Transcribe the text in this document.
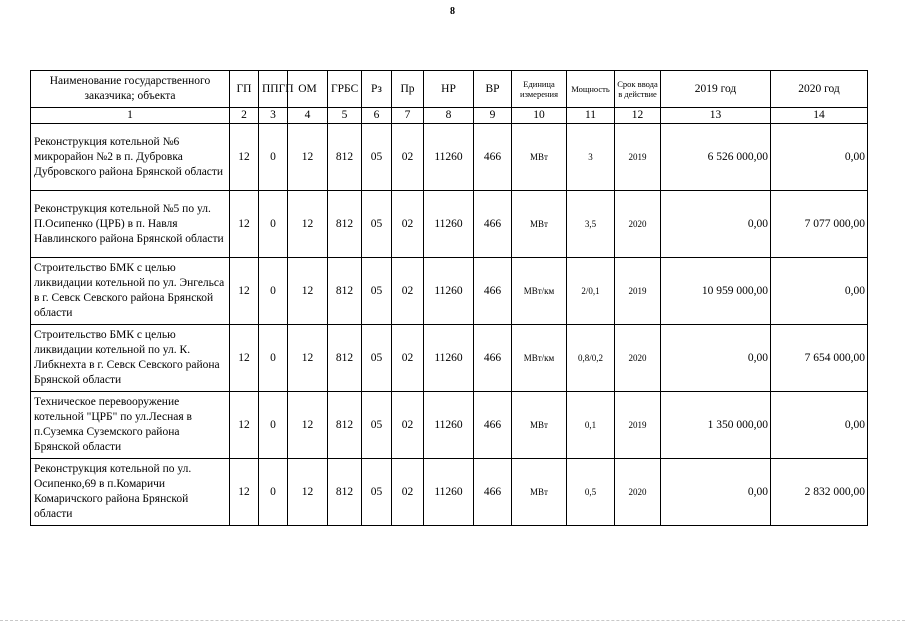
8
Наименование государственного заказчика; объекта	ГП	ППГП	ОМ	ГРБС	Рз	Пр	НР	ВР	Единица измерения	Мощность	Срок ввода в действие	2019 год	2020 год
1	2	3	4	5	6	7	8	9	10	11	12	13	14
Реконструкция котельной №6 микрорайон №2 в п. Дубровка Дубровского района Брянской области	12	0	12	812	05	02	11260	466	МВт	3	2019	6 526 000,00	0,00
Реконструкция котельной №5 по ул. П.Осипенко (ЦРБ) в п. Навля Навлинского района Брянской области	12	0	12	812	05	02	11260	466	МВт	3,5	2020	0,00	7 077 000,00
Строительство БМК с целью ликвидации котельной по ул. Энгельса в г. Севск Севского района Брянской области	12	0	12	812	05	02	11260	466	МВт/км	2/0,1	2019	10 959 000,00	0,00
Строительство БМК с целью ликвидации котельной по ул. К. Либкнехта в г. Севск Севского района Брянской области	12	0	12	812	05	02	11260	466	МВт/км	0,8/0,2	2020	0,00	7 654 000,00
Техническое перевооружение котельной "ЦРБ" по ул.Лесная в п.Суземка Суземского района Брянской области	12	0	12	812	05	02	11260	466	МВт	0,1	2019	1 350 000,00	0,00
Реконструкция котельной по ул. Осипенко,69 в п.Комаричи Комаричского района Брянской области	12	0	12	812	05	02	11260	466	МВт	0,5	2020	0,00	2 832 000,00
